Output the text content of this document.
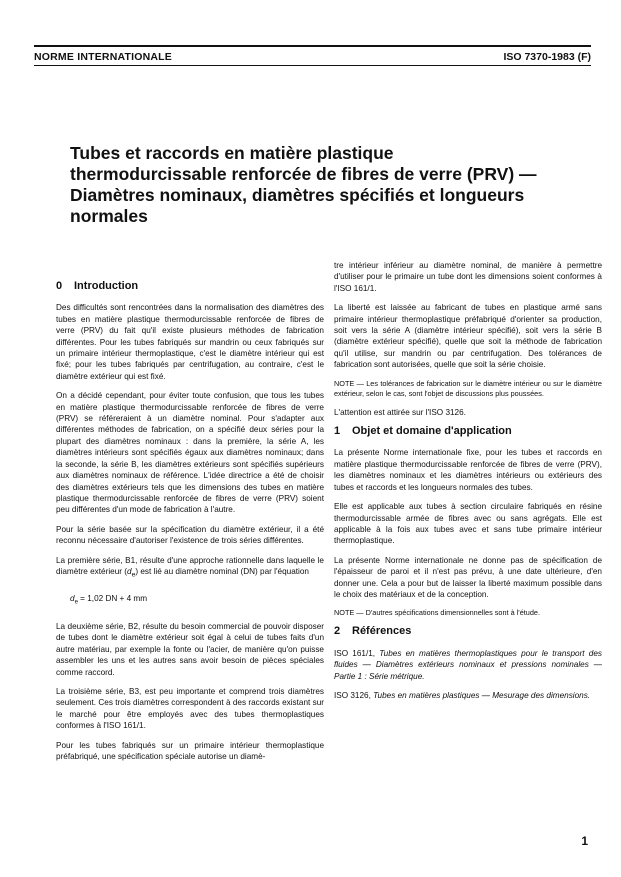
NORME INTERNATIONALE	ISO 7370-1983 (F)
Tubes et raccords en matière plastique
thermodurcissable renforcée de fibres de verre (PRV) —
Diamètres nominaux, diamètres spécifiés et longueurs
normales
0 Introduction

Des difficultés sont rencontrées dans la normalisation des diamètres des tubes en matière plastique thermodurcissable renforcée de fibres de verre (PRV) du fait qu'il existe plusieurs méthodes de fabrication différentes. Pour les tubes fabriqués sur mandrin ou ceux fabriqués sur un primaire intérieur thermoplastique, c'est le diamètre intérieur qui est fixé; pour les tubes fabriqués par centrifugation, au contraire, c'est le diamètre extérieur qui est fixé.

On a décidé cependant, pour éviter toute confusion, que tous les tubes en matière plastique thermodurcissable renforcée de fibres de verre (PRV) se référeraient à un diamètre nominal. Pour s'adapter aux différentes méthodes de fabrication, on a spécifié deux séries pour la plupart des diamètres nominaux : dans la première, la série A, les diamètres intérieurs sont spécifiés égaux aux diamètres nominaux; dans la seconde, la série B, les diamètres extérieurs sont spécifiés supérieurs aux diamètres nominaux de référence. L'idée directrice a été de choisir des diamètres extérieurs tels que les dimensions des tubes en matière plastique thermodurcissable renforcée de fibres de verre (PRV) soient peu différentes d'un mode de fabrication à l'autre.

Pour la série basée sur la spécification du diamètre extérieur, il a été reconnu nécessaire d'autoriser l'existence de trois séries différentes.

La première série, B1, résulte d'une approche rationnelle dans laquelle le diamètre extérieur $(d_e)$ est lié au diamètre nominal (DN) par l'équation

$d_e = 1,02$ DN + 4 mm

La deuxième série, B2, résulte du besoin commercial de pouvoir disposer de tubes dont le diamètre extérieur soit égal à celui de tubes faits d'un autre matériau, par exemple la fonte ou l'acier, de manière qu'on puisse assembler les uns et les autres sans avoir besoin de pièces spéciales comme raccord.

La troisième série, B3, est peu importante et comprend trois diamètres seulement. Ces trois diamètres correspondent à des raccords existant sur le marché pour être employés avec des tubes thermoplastiques conformes à l'ISO 161/1.

Pour les tubes fabriqués sur un primaire intérieur thermoplastique préfabriqué, une spécification spéciale autorise un diamè-

tre intérieur inférieur au diamètre nominal, de manière à permettre d'utiliser pour le primaire un tube dont les dimensions soient conformes à l'ISO 161/1.

La liberté est laissée au fabricant de tubes en plastique armé sans primaire intérieur thermoplastique préfabriqué d'orienter sa production, soit vers la série A (diamètre intérieur spécifié), soit vers la série B (diamètre extérieur spécifié), quelle que soit la méthode de fabrication qu'il utilise, sur mandrin ou par centrifugation. Des tolérances de fabrication sont autorisées, quelle que soit la série choisie.

NOTE — Les tolérances de fabrication sur le diamètre intérieur ou sur le diamètre extérieur, selon le cas, sont l'objet de discussions plus poussées.

L'attention est attirée sur l'ISO 3126.

1 Objet et domaine d'application

La présente Norme internationale fixe, pour les tubes et raccords en matière plastique thermodurcissable renforcée de fibres de verre (PRV), les diamètres nominaux et les diamètres intérieurs ou extérieurs des tubes et raccords et les longueurs normales des tubes.

Elle est applicable aux tubes à section circulaire fabriqués en résine thermodurcissable armée de fibres avec ou sans agrégats. Elle est applicable à la fois aux tubes avec et sans tube primaire intérieur thermoplastique.

La présente Norme internationale ne donne pas de spécification de l'épaisseur de paroi et il n'est pas prévu, à une date ultérieure, d'en donner une. Cela a pour but de laisser la liberté maximum possible dans le choix des matériaux et de la conception.

NOTE — D'autres spécifications dimensionnelles sont à l'étude.

2 Références

ISO 161/1, Tubes en matières thermoplastiques pour le transport des fluides — Diamètres extérieurs nominaux et pressions nominales — Partie 1 : Série métrique.

ISO 3126, Tubes en matières plastiques — Mesurage des dimensions.

1
